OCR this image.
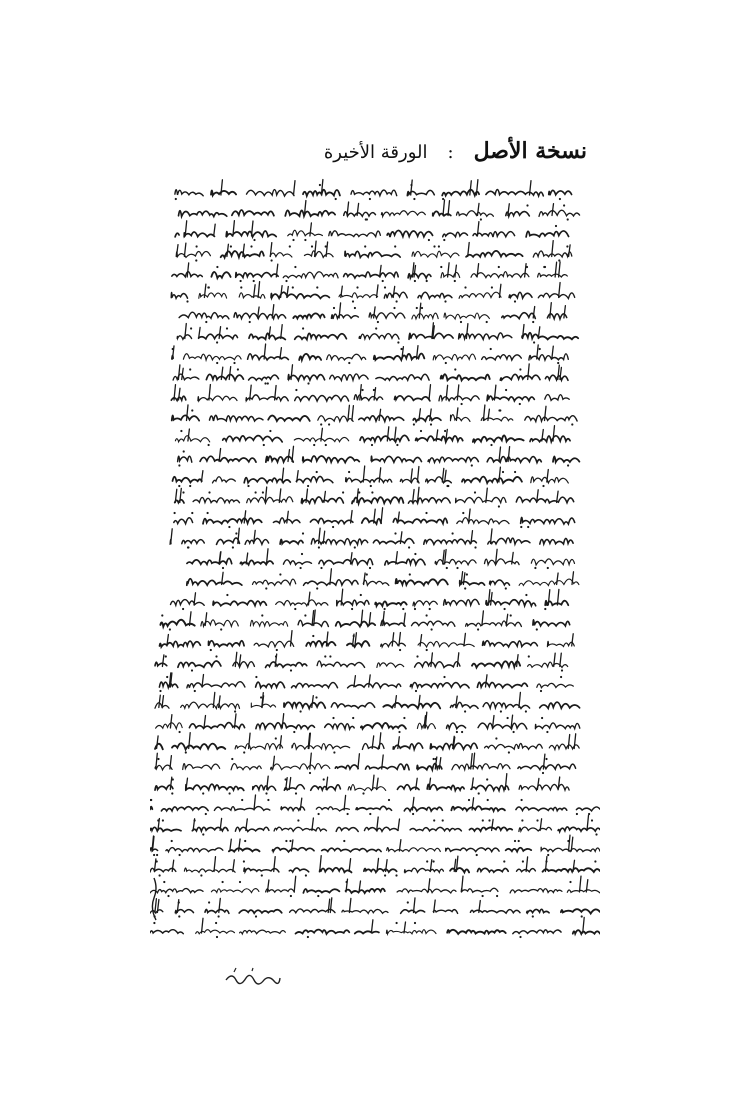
نسخة الأصل
:
الورقة الأخيرة
